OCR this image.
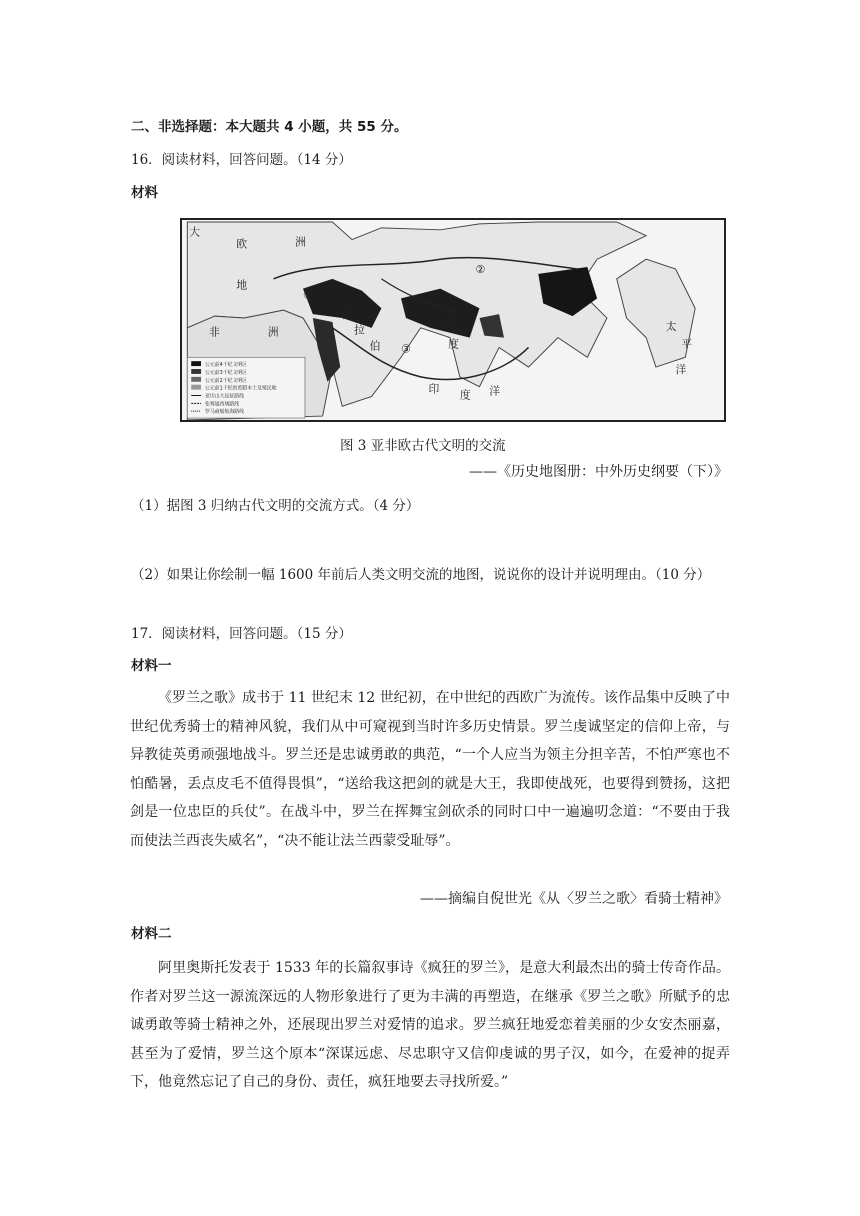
二、非选择题：本大题共 4 小题，共 55 分。
16．阅读材料，回答问题。（14 分）
材料
②
③
①
大
欧	洲
地
非	洲
阿
拉
伯
印
度
印 度 洋
太
平
洋
公元前4千纪文明区
公元前3千纪文明区
公元前2千纪文明区
公元前1千纪的希腊本土及殖民地
亚历山大远征路线
张骞通西域路线
罗马商船航海路线
图 3 亚非欧古代文明的交流
——《历史地图册：中外历史纲要（下）》
（1）据图 3 归纳古代文明的交流方式。（4 分）
（2）如果让你绘制一幅 1600 年前后人类文明交流的地图，说说你的设计并说明理由。（10 分）
17．阅读材料，回答问题。（15 分）
材料一
《罗兰之歌》成书于 11 世纪末 12 世纪初，在中世纪的西欧广为流传。该作品集中反映了中世纪优秀骑士的精神风貌，我们从中可窥视到当时许多历史情景。罗兰虔诚坚定的信仰上帝，与异教徒英勇顽强地战斗。罗兰还是忠诚勇敢的典范，“一个人应当为领主分担辛苦，不怕严寒也不怕酷暑，丢点皮毛不值得畏惧”，“送给我这把剑的就是大王，我即使战死，也要得到赞扬，这把剑是一位忠臣的兵仗”。在战斗中，罗兰在挥舞宝剑砍杀的同时口中一遍遍叨念道：“不要由于我而使法兰西丧失威名”，“决不能让法兰西蒙受耻辱”。
——摘编自倪世光《从〈罗兰之歌〉看骑士精神》
材料二
阿里奥斯托发表于 1533 年的长篇叙事诗《疯狂的罗兰》，是意大利最杰出的骑士传奇作品。作者对罗兰这一源流深远的人物形象进行了更为丰满的再塑造，在继承《罗兰之歌》所赋予的忠诚勇敢等骑士精神之外，还展现出罗兰对爱情的追求。罗兰疯狂地爱恋着美丽的少女安杰丽嘉，甚至为了爱情，罗兰这个原本“深谋远虑、尽忠职守又信仰虔诚的男子汉，如今，在爱神的捉弄下，他竟然忘记了自己的身份、责任，疯狂地要去寻找所爱。”
